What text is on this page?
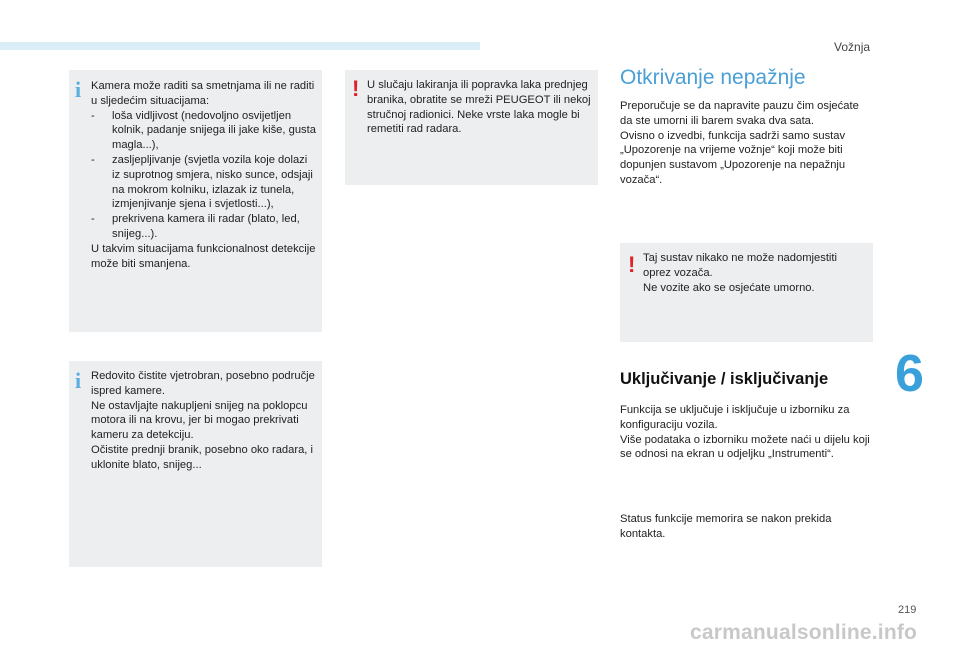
Vožnja
i Kamera može raditi sa smetnjama ili ne raditi u sljedećim situacijama:
- loša vidljivost (nedovoljno osvijetljen kolnik, padanje snijega ili jake kiše, gusta magla...),
- zasljepljivanje (svjetla vozila koje dolazi iz suprotnog smjera, nisko sunce, odsjaji na mokrom kolniku, izlazak iz tunela, izmjenjivanje sjena i svjetlosti...),
- prekrivena kamera ili radar (blato, led, snijeg...).
U takvim situacijama funkcionalnost detekcije može biti smanjena.
i Redovito čistite vjetrobran, posebno područje ispred kamere.
Ne ostavljajte nakupljeni snijeg na poklopcu motora ili na krovu, jer bi mogao prekrivati kameru za detekciju.
Očistite prednji branik, posebno oko radara, i uklonite blato, snijeg...
! U slučaju lakiranja ili popravka laka prednjeg branika, obratite se mreži PEUGEOT ili nekoj stručnoj radionici. Neke vrste laka mogle bi remetiti rad radara.
Otkrivanje nepažnje
Preporučuje se da napravite pauzu čim osjećate da ste umorni ili barem svaka dva sata.
Ovisno o izvedbi, funkcija sadrži samo sustav „Upozorenje na vrijeme vožnje“ koji može biti dopunjen sustavom „Upozorenje na nepažnju vozača“.
! Taj sustav nikako ne može nadomjestiti oprez vozača.
Ne vozite ako se osjećate umorno.
Uključivanje / isključivanje
Funkcija se uključuje i isključuje u izborniku za konfiguraciju vozila.
Više podataka o izborniku možete naći u dijelu koji se odnosi na ekran u odjeljku „Instrumenti“.
Status funkcije memorira se nakon prekida kontakta.
6
219
carmanualsonline.info
